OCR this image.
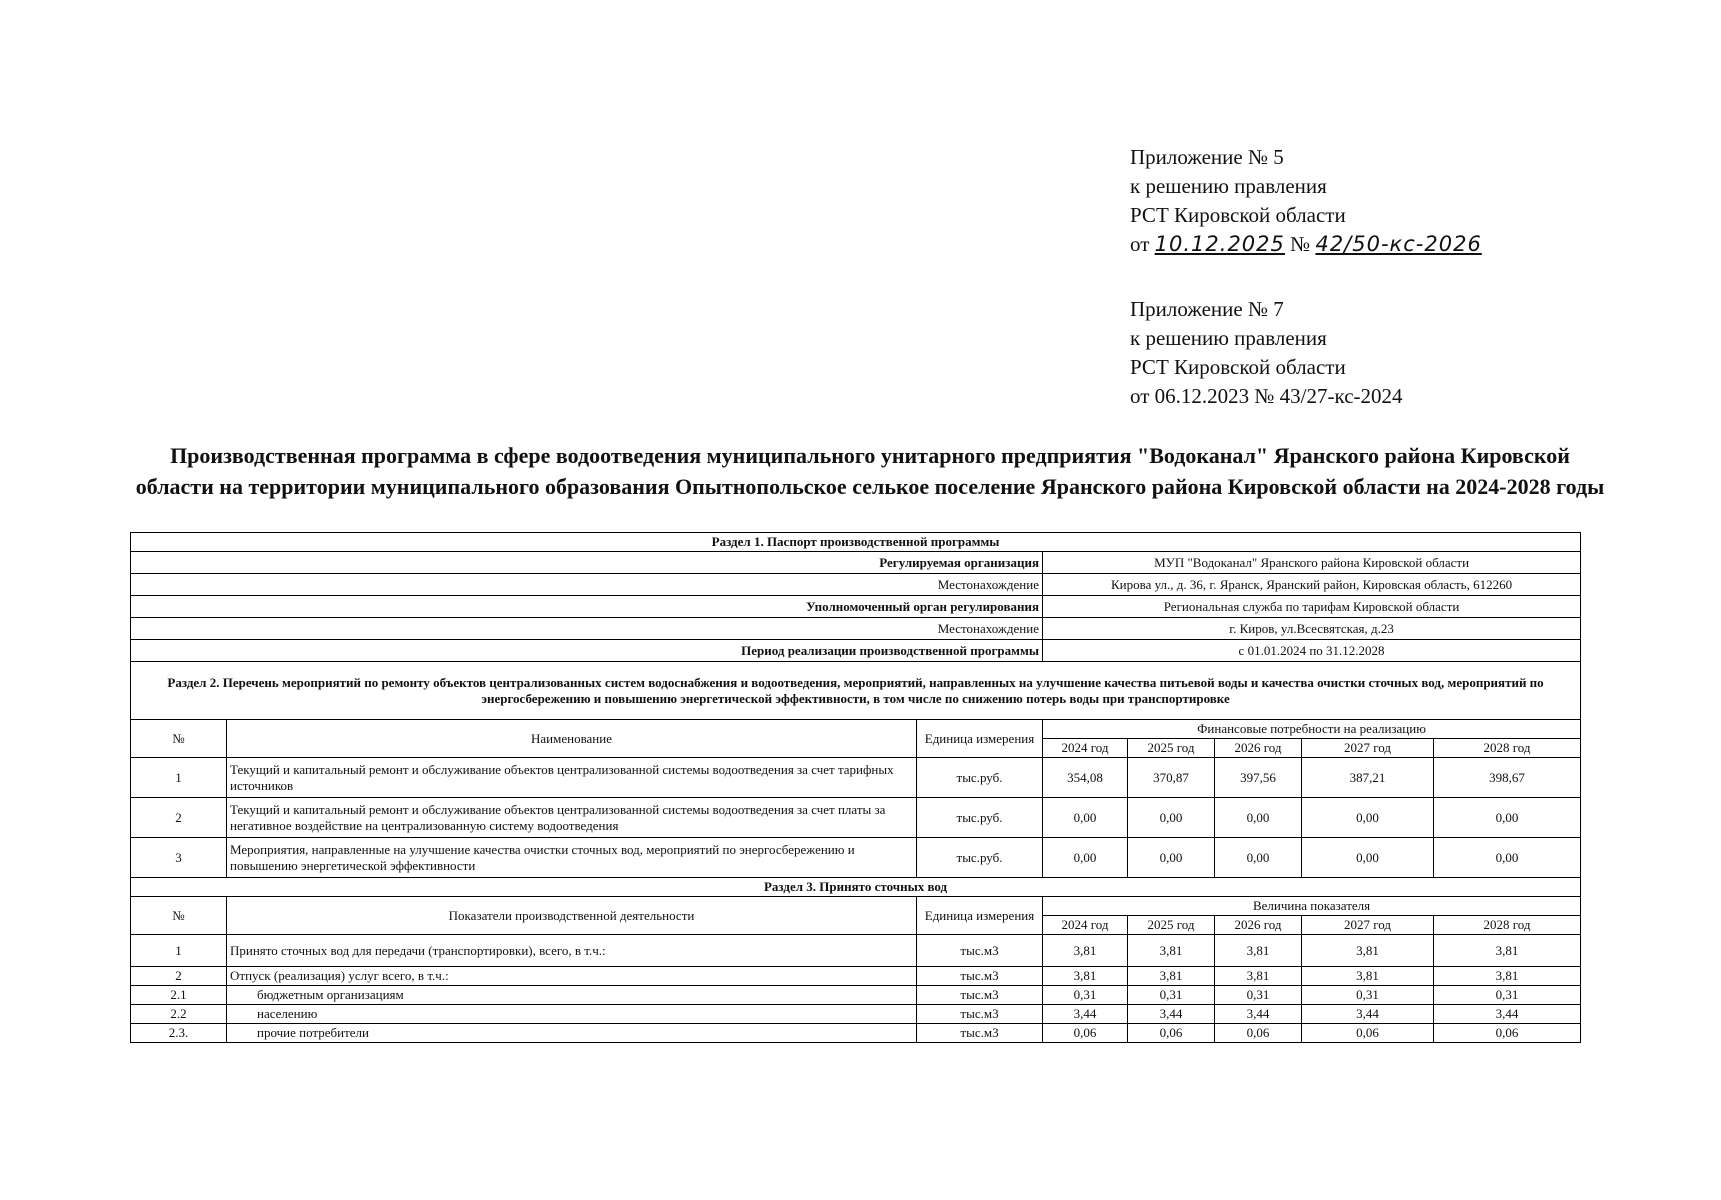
Приложение № 5
к решению правления
РСТ Кировской области
от 10.12.2025 № 42/50-кс-2026
Приложение № 7
к решению правления
РСТ Кировской области
от 06.12.2023 № 43/27-кс-2024
Производственная программа в сфере водоотведения муниципального унитарного предприятия "Водоканал" Яранского района Кировской области на территории муниципального образования Опытнопольское селькое поселение Яранского района Кировской области на 2024-2028 годы
Раздел 1. Паспорт производственной программы							
Регулируемая организация			МУП "Водоканал" Яранского района Кировской области				
Местонахождение			Кирова ул., д. 36, г. Яранск, Яранский район, Кировская область, 612260				
Уполномоченный орган регулирования			Региональная служба по тарифам Кировской области				
Местонахождение			г. Киров, ул.Всесвятская, д.23				
Период реализации производственной программы			с 01.01.2024 по 31.12.2028				
Раздел 2. Перечень мероприятий по ремонту объектов централизованных систем водоснабжения и водоотведения, мероприятий, направленных на улучшение качества питьевой воды и качества очистки сточных вод, мероприятий по энергосбережению и повышению энергетической эффективности, в том числе по снижению потерь воды при транспортировке							
№	Наименование	Единица измерения	Финансовые потребности на реализацию				
			2024 год	2025 год	2026 год	2027 год	2028 год
1	Текущий и капитальный ремонт и обслуживание объектов централизованной системы водоотведения за счет тарифных источников	тыс.руб.	354,08	370,87	397,56	387,21	398,67
2	Текущий и капитальный ремонт и обслуживание объектов централизованной системы водоотведения за счет платы за негативное воздействие на централизованную систему водоотведения	тыс.руб.	0,00	0,00	0,00	0,00	0,00
3	Мероприятия, направленные на улучшение качества очистки сточных вод, мероприятий по энергосбережению и повышению энергетической эффективности	тыс.руб.	0,00	0,00	0,00	0,00	0,00
Раздел 3. Принято сточных вод							
№	Показатели производственной деятельности	Единица измерения	Величина показателя				
			2024 год	2025 год	2026 год	2027 год	2028 год
1	Принято сточных вод для передачи (транспортировки), всего, в т.ч.:	тыс.м3	3,81	3,81	3,81	3,81	3,81
2	Отпуск (реализация) услуг всего, в т.ч.:	тыс.м3	3,81	3,81	3,81	3,81	3,81
2.1	бюджетным организациям	тыс.м3	0,31	0,31	0,31	0,31	0,31
2.2	населению	тыс.м3	3,44	3,44	3,44	3,44	3,44
2.3.	прочие потребители	тыс.м3	0,06	0,06	0,06	0,06	0,06
